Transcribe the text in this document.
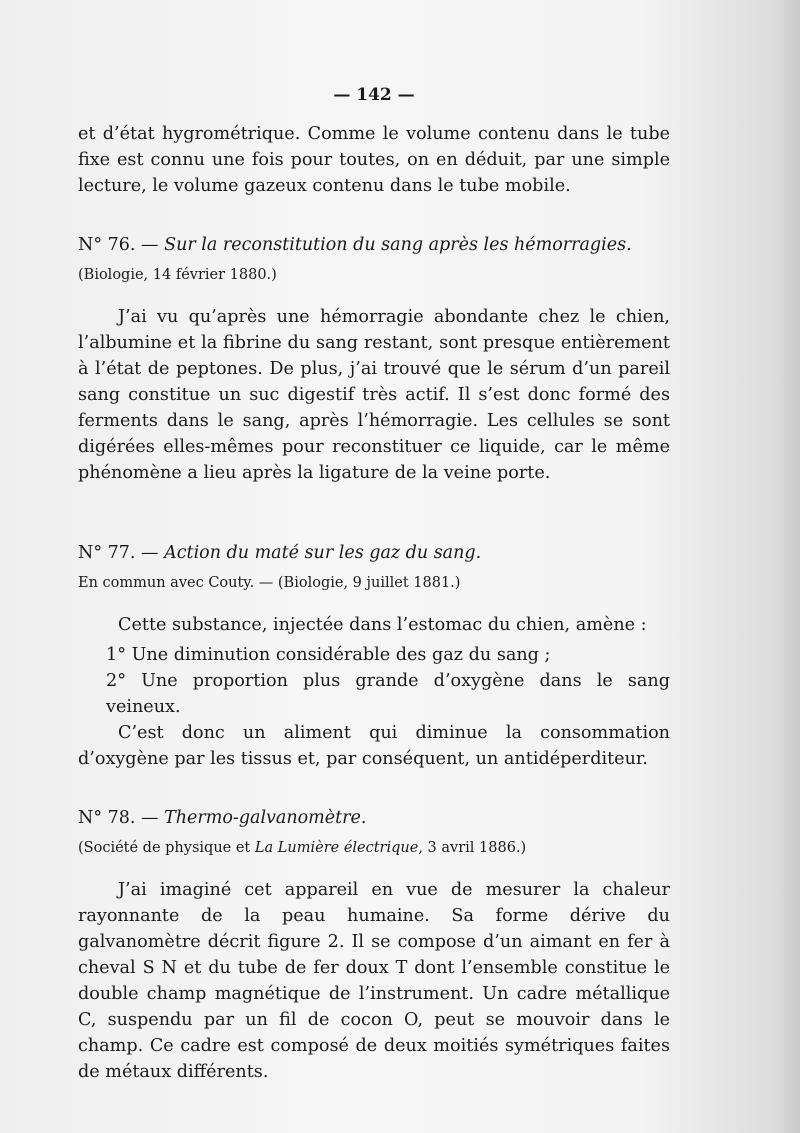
— 142 —

et d’état hygrométrique. Comme le volume contenu dans le tube fixe est connu une fois pour toutes, on en déduit, par une simple lecture, le volume gazeux contenu dans le tube mobile.

N° 76. — Sur la reconstitution du sang après les hémorragies.

(Biologie, 14 février 1880.)

J’ai vu qu’après une hémorragie abondante chez le chien, l’albumine et la fibrine du sang restant, sont presque entièrement à l’état de peptones. De plus, j’ai trouvé que le sérum d’un pareil sang constitue un suc digestif très actif. Il s’est donc formé des ferments dans le sang, après l’hémorragie. Les cellules se sont digérées elles-mêmes pour reconstituer ce liquide, car le même phénomène a lieu après la ligature de la veine porte.

N° 77. — Action du maté sur les gaz du sang.

En commun avec Couty. — (Biologie, 9 juillet 1881.)

Cette substance, injectée dans l’estomac du chien, amène :

1° Une diminution considérable des gaz du sang ;

2° Une proportion plus grande d’oxygène dans le sang veineux.

C’est donc un aliment qui diminue la consommation d’oxygène par les tissus et, par conséquent, un antidéperditeur.

N° 78. — Thermo-galvanomètre.

(Société de physique et La Lumière électrique, 3 avril 1886.)

J’ai imaginé cet appareil en vue de mesurer la chaleur rayonnante de la peau humaine. Sa forme dérive du galvanomètre décrit figure 2. Il se compose d’un aimant en fer à cheval S N et du tube de fer doux T dont l’ensemble constitue le double champ magnétique de l’instrument. Un cadre métallique C, suspendu par un fil de cocon O, peut se mouvoir dans le champ. Ce cadre est composé de deux moitiés symétriques faites de métaux différents.
